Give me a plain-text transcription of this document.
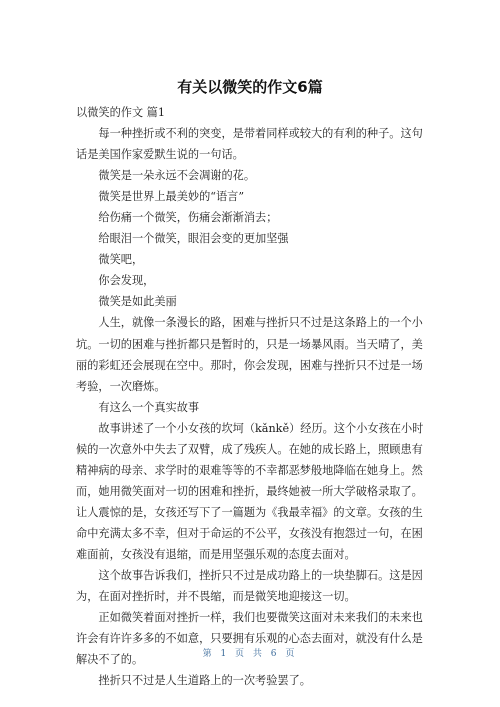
有关以微笑的作文6篇

以微笑的作文 篇1

每一种挫折或不利的突变，是带着同样或较大的有利的种子。这句话是美国作家爱默生说的一句话。

微笑是一朵永远不会凋谢的花。

微笑是世界上最美妙的“语言”

给伤痛一个微笑，伤痛会渐渐消去；

给眼泪一个微笑，眼泪会变的更加坚强

微笑吧，

你会发现，

微笑是如此美丽

人生，就像一条漫长的路，困难与挫折只不过是这条路上的一个小坑。一切的困难与挫折都只是暂时的，只是一场暴风雨。当天晴了，美丽的彩虹还会展现在空中。那时，你会发现，困难与挫折只不过是一场考验，一次磨炼。

有这么一个真实故事

故事讲述了一个小女孩的坎坷（kǎnkě）经历。这个小女孩在小时候的一次意外中失去了双臂，成了残疾人。在她的成长路上，照顾患有精神病的母亲、求学时的艰难等等的不幸都恶梦般地降临在她身上。然而，她用微笑面对一切的困难和挫折，最终她被一所大学破格录取了。让人震惊的是，女孩还写下了一篇题为《我最幸福》的文章。女孩的生命中充满太多不幸，但对于命运的不公平，女孩没有抱怨过一句，在困难面前，女孩没有退缩，而是用坚强乐观的态度去面对。

这个故事告诉我们，挫折只不过是成功路上的一块垫脚石。这是因为，在面对挫折时，并不畏缩，而是微笑地迎接这一切。

正如微笑着面对挫折一样，我们也要微笑这面对未来我们的未来也许会有许许多多的不如意，只要拥有乐观的心态去面对，就没有什么是解决不了的。

挫折只不过是人生道路上的一次考验罢了。

第 1 页 共 6 页
